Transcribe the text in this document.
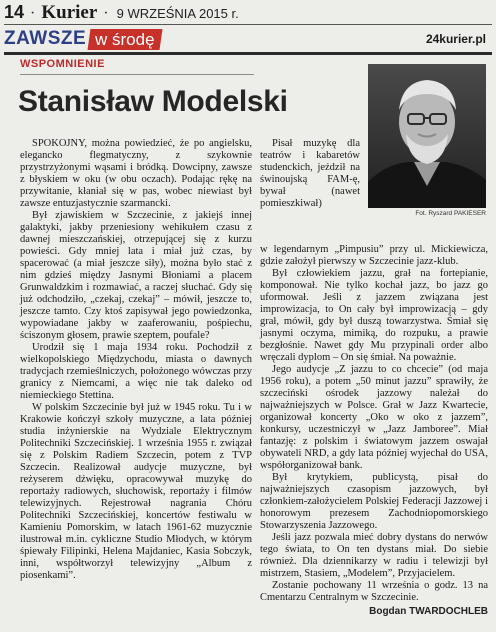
14 · Kurier · 9 WRZEŚNIA 2015 r.
ZAWSZE w środę	24kurier.pl
WSPOMNIENIE
Stanisław Modelski
Fot. Ryszard PAKIESER

SPOKOJNY, można powiedzieć, że po angielsku, elegancko flegmatyczny, z szykownie przystrzyżonymi wąsami i bródką. Dowcipny, zawsze z błyskiem w oku (w obu oczach). Podając rękę na przywitanie, kłaniał się w pas, wobec niewiast był zawsze entuzjastycznie szarmancki.

Był zjawiskiem w Szczecinie, z jakiejś innej galaktyki, jakby przeniesiony wehikułem czasu z dawnej mieszczańskiej, otrzepującej się z kurzu powieści. Gdy mniej lata i miał już czas, by spacerować (a miał jeszcze siły), można było stać z nim gdzieś między Jasnymi Błoniami a placem Grunwaldzkim i rozmawiać, a raczej słuchać. Gdy się już odchodziło, „czekaj, czekaj” – mówił, jeszcze to, jeszcze tamto. Czy ktoś zapisywał jego powiedzonka, wypowiadane jakby w zaaferowaniu, pośpiechu, ściszonym głosem, prawie szeptem, poufale?

Urodził się 1 maja 1934 roku. Pochodził z wielkopolskiego Międzychodu, miasta o dawnych tradycjach rzemieślniczych, położonego wówczas przy granicy z Niemcami, a więc nie tak daleko od niemieckiego Stettina.

W polskim Szczecinie był już w 1945 roku. Tu i w Krakowie kończył szkoły muzyczne, a lata później studia inżynierskie na Wydziale Elektrycznym Politechniki Szczecińskiej. 1 września 1955 r. związał się z Polskim Radiem Szczecin, potem z TVP Szczecin. Realizował audycje muzyczne, był reżyserem dźwięku, opracowywał muzykę do reportaży radiowych, słuchowisk, reportaży i filmów telewizyjnych. Rejestrował nagrania Chóru Politechniki Szczecińskiej, koncertów festiwalu w Kamieniu Pomorskim, w latach 1961-62 muzycznie ilustrował m.in. cykliczne Studio Młodych, w którym śpiewały Filipinki, Helena Majdaniec, Kasia Sobczyk, inni, współtworzył telewizyjny „Album z piosenkami”.

Pisał muzykę dla teatrów i kabaretów studenckich, jeździł na świnoujską FAM-ę, bywał (nawet pomieszkiwał)

w legendarnym „Pimpusiu” przy ul. Mickiewicza, gdzie założył pierwszy w Szczecinie jazz-klub.

Był człowiekiem jazzu, grał na fortepianie, komponował. Nie tylko kochał jazz, bo jazz go uformował. Jeśli z jazzem związana jest improwizacja, to On cały był improwizacją – gdy grał, mówił, gdy był duszą towarzystwa. Śmiał się jasnymi oczyma, mimiką, do rozpuku, a prawie bezgłośnie. Nawet gdy Mu przypinali order albo wręczali dyplom – On się śmiał. Na poważnie.

Jego audycje „Z jazzu to co chcecie” (od maja 1956 roku), a potem „50 minut jazzu” sprawiły, że szczeciński ośrodek jazzowy należał do najważniejszych w Polsce. Grał w Jazz Kwartecie, organizował koncerty „Oko w oko z jazzem”, konkursy, uczestniczył w „Jazz Jamboree”. Miał fantazję: z polskim i światowym jazzem oswajał obywateli NRD, a gdy lata później wyjechał do USA, współorganizował bank.

Był krytykiem, publicystą, pisał do najważniejszych czasopism jazzowych, był członkiem-założycielem Polskiej Federacji Jazzowej i honorowym prezesem Zachodniopomorskiego Stowarzyszenia Jazzowego.

Jeśli jazz pozwala mieć dobry dystans do nerwów tego świata, to On ten dystans miał. Do siebie również. Dla dziennikarzy w radiu i telewizji był mistrzem, Stasiem, „Modelem”, Przyjacielem.

Zostanie pochowany 11 września o godz. 13 na Cmentarzu Centralnym w Szczecinie.

Bogdan TWARDOCHLEB
